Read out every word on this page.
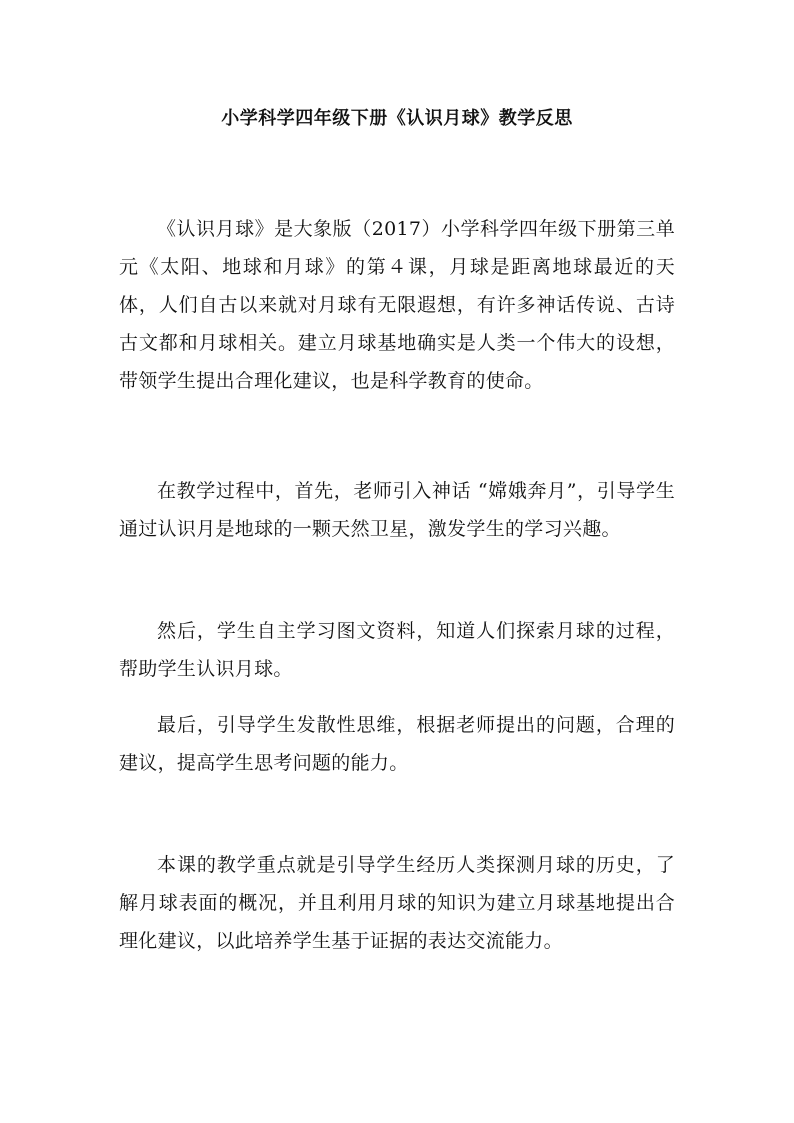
小学科学四年级下册《认识月球》教学反思

《认识月球》是大象版（2017）小学科学四年级下册第三单元《太阳、地球和月球》的第４课，月球是距离地球最近的天体，人们自古以来就对月球有无限遐想，有许多神话传说、古诗古文都和月球相关。建立月球基地确实是人类一个伟大的设想，带领学生提出合理化建议，也是科学教育的使命。

在教学过程中，首先，老师引入神话 “嫦娥奔月”，引导学生通过认识月是地球的一颗天然卫星，激发学生的学习兴趣。

然后，学生自主学习图文资料，知道人们探索月球的过程，帮助学生认识月球。

最后，引导学生发散性思维，根据老师提出的问题，合理的建议，提高学生思考问题的能力。

本课的教学重点就是引导学生经历人类探测月球的历史，了解月球表面的概况，并且利用月球的知识为建立月球基地提出合理化建议，以此培养学生基于证据的表达交流能力。
